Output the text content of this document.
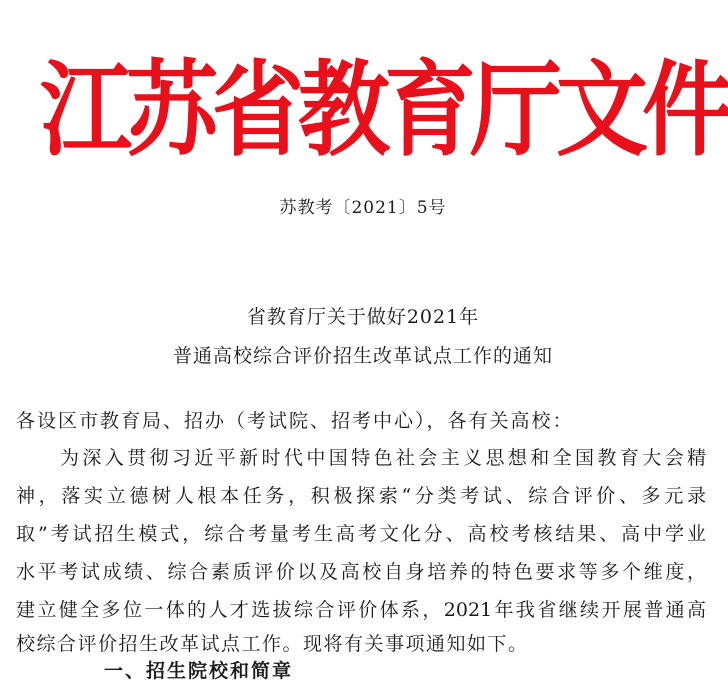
江苏省教育厅文件
苏教考〔2021〕5号
省教育厅关于做好2021年
普通高校综合评价招生改革试点工作的通知
各设区市教育局、招办（考试院、招考中心），各有关高校：
为深入贯彻习近平新时代中国特色社会主义思想和全国教育大会精
神，落实立德树人根本任务，积极探索“分类考试、综合评价、多元录
取”考试招生模式，综合考量考生高考文化分、高校考核结果、高中学业
水平考试成绩、综合素质评价以及高校自身培养的特色要求等多个维度，
建立健全多位一体的人才选拔综合评价体系，2021年我省继续开展普通高
校综合评价招生改革试点工作。现将有关事项通知如下。
一、招生院校和简章
